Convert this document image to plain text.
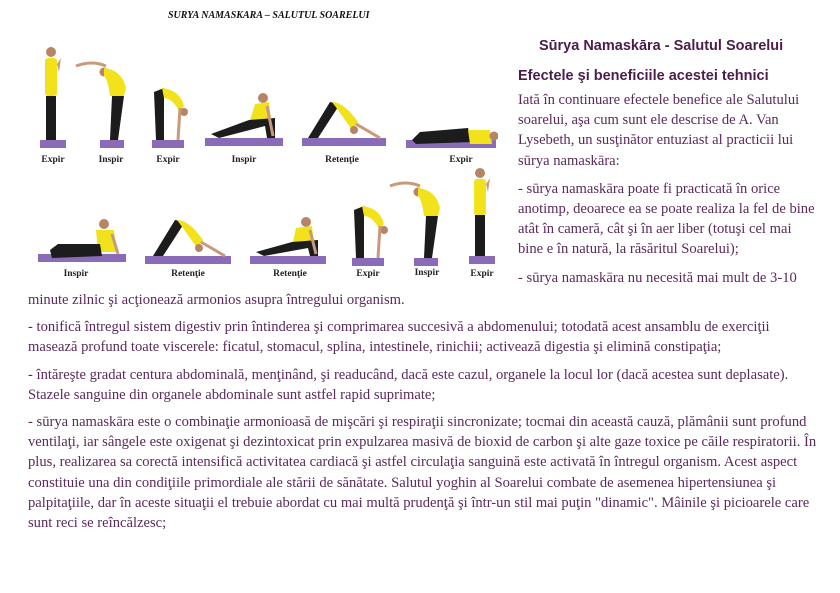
SURYA NAMASKARA – SALUTUL SOARELUI
Expir	Inspir	Expir	Inspir	Retenţie	Expir
Inspir	Retenţie	Retenţie	Expir	Inspir	Expir
Sūrya Namaskāra - Salutul Soarelui
Efectele şi beneficiile acestei tehnici

Iată în continuare efectele benefice ale Salutului soarelui, aşa cum sunt ele descrise de A. Van Lysebeth, un susţinător entuziast al practicii lui sūrya namaskāra:

- sūrya namaskāra poate fi practicată în orice anotimp, deoarece ea se poate realiza la fel de bine atât în cameră, cât şi în aer liber (totuşi cel mai bine e în natură, la răsăritul Soarelui);

- sūrya namaskāra nu necesită mai mult de 3-10

minute zilnic şi acţionează armonios asupra întregului organism.

- tonifică întregul sistem digestiv prin întinderea şi comprimarea succesivă a abdomenului; totodată acest ansamblu de exerciţii masează profund toate viscerele: ficatul, stomacul, splina, intestinele, rinichii; activează digestia şi elimină constipaţia;

- întăreşte gradat centura abdominală, menţinând, şi readucând, dacă este cazul, organele la locul lor (dacă acestea sunt deplasate). Stazele sanguine din organele abdominale sunt astfel rapid suprimate;

- sūrya namaskāra este o combinaţie armonioasă de mişcări şi respiraţii sincronizate; tocmai din această cauză, plămânii sunt profund ventilaţi, iar sângele este oxigenat şi dezintoxicat prin expulzarea masivă de bioxid de carbon şi alte gaze toxice pe căile respiratorii. În plus, realizarea sa corectă intensifică activitatea cardiacă şi astfel circulaţia sanguină este activată în întregul organism. Acest aspect constituie una din condiţiile primordiale ale stării de sănătate. Salutul yoghin al Soarelui combate de asemenea hipertensiunea şi palpitaţiile, dar în aceste situaţii el trebuie abordat cu mai multă prudenţă şi într-un stil mai puţin "dinamic". Mâinile şi picioarele care sunt reci se reîncălzesc;
